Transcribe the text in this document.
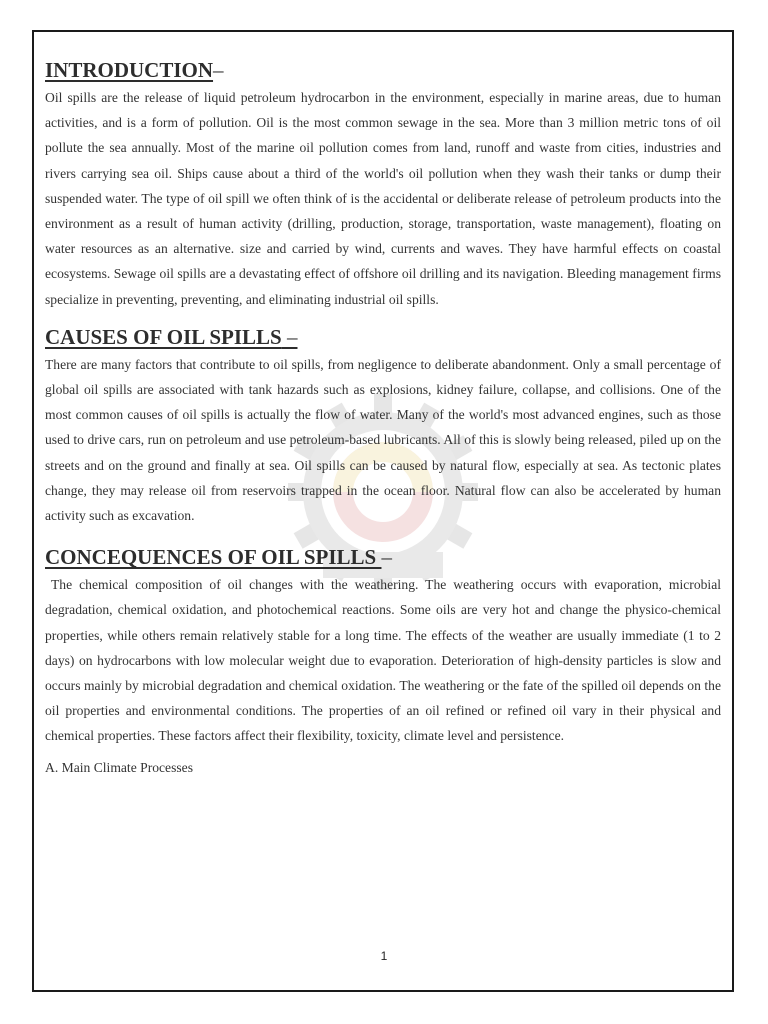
INTRODUCTION–

Oil spills are the release of liquid petroleum hydrocarbon in the environment, especially in marine areas, due to human activities, and is a form of pollution. Oil is the most common sewage in the sea. More than 3 million metric tons of oil pollute the sea annually. Most of the marine oil pollution comes from land, runoff and waste from cities, industries and rivers carrying sea oil. Ships cause about a third of the world's oil pollution when they wash their tanks or dump their suspended water. The type of oil spill we often think of is the accidental or deliberate release of petroleum products into the environment as a result of human activity (drilling, production, storage, transportation, waste management), floating on water resources as an alternative. size and carried by wind, currents and waves. They have harmful effects on coastal ecosystems. Sewage oil spills are a devastating effect of offshore oil drilling and its navigation. Bleeding management firms specialize in preventing, preventing, and eliminating industrial oil spills.

CAUSES OF OIL SPILLS –

There are many factors that contribute to oil spills, from negligence to deliberate abandonment. Only a small percentage of global oil spills are associated with tank hazards such as explosions, kidney failure, collapse, and collisions. One of the most common causes of oil spills is actually the flow of water. Many of the world's most advanced engines, such as those used to drive cars, run on petroleum and use petroleum-based lubricants. All of this is slowly being released, piled up on the streets and on the ground and finally at sea. Oil spills can be caused by natural flow, especially at sea. As tectonic plates change, they may release oil from reservoirs trapped in the ocean floor. Natural flow can also be accelerated by human activity such as excavation.

CONCEQUENCES OF OIL SPILLS –

The chemical composition of oil changes with the weathering. The weathering occurs with evaporation, microbial degradation, chemical oxidation, and photochemical reactions. Some oils are very hot and change the physico-chemical properties, while others remain relatively stable for a long time. The effects of the weather are usually immediate (1 to 2 days) on hydrocarbons with low molecular weight due to evaporation. Deterioration of high-density particles is slow and occurs mainly by microbial degradation and chemical oxidation. The weathering or the fate of the spilled oil depends on the oil properties and environmental conditions. The properties of an oil refined or refined oil vary in their physical and chemical properties. These factors affect their flexibility, toxicity, climate level and persistence.

A. Main Climate Processes
1
